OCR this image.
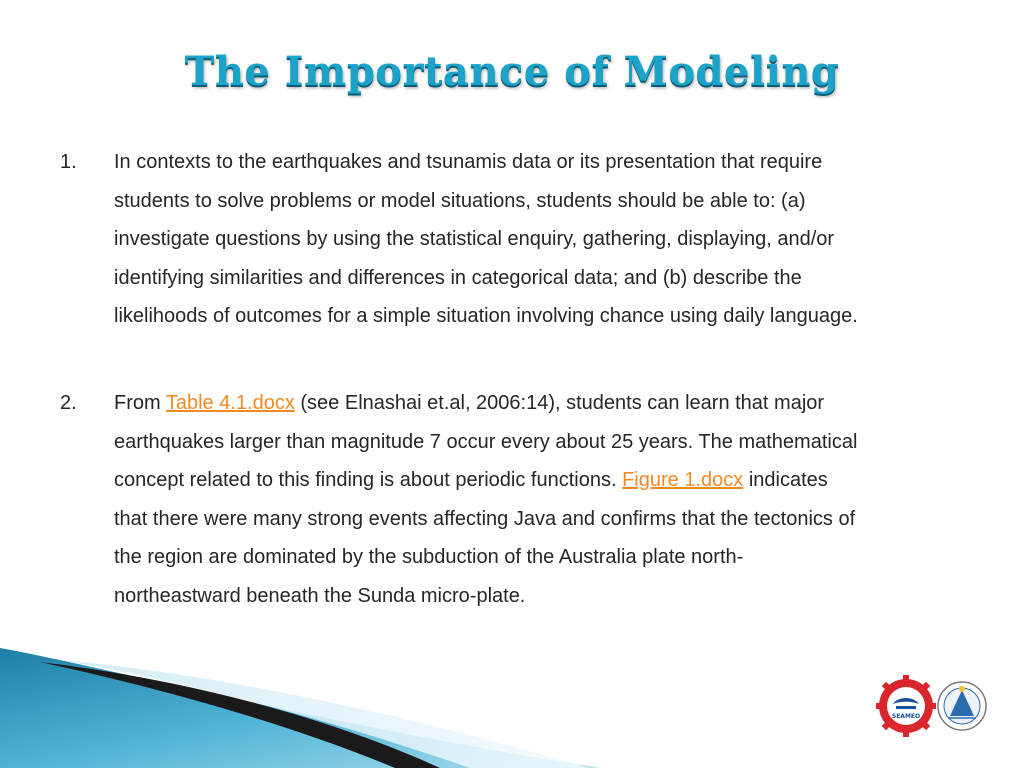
The Importance of Modeling
1. In contexts to the earthquakes and tsunamis data or its presentation that require
students to solve problems or model situations, students should be able to: (a)
investigate questions by using the statistical enquiry, gathering, displaying, and/or
identifying similarities and differences in categorical data; and (b) describe the
likelihoods of outcomes for a simple situation involving chance using daily language.
2. From Table 4.1.docx (see Elnashai et.al, 2006:14), students can learn that major
earthquakes larger than magnitude 7 occur every about 25 years. The mathematical
concept related to this finding is about periodic functions. Figure 1.docx indicates
that there were many strong events affecting Java and confirms that the tectonics of
the region are dominated by the subduction of the Australia plate north-
northeastward beneath the Sunda micro-plate.
SEAMEO
